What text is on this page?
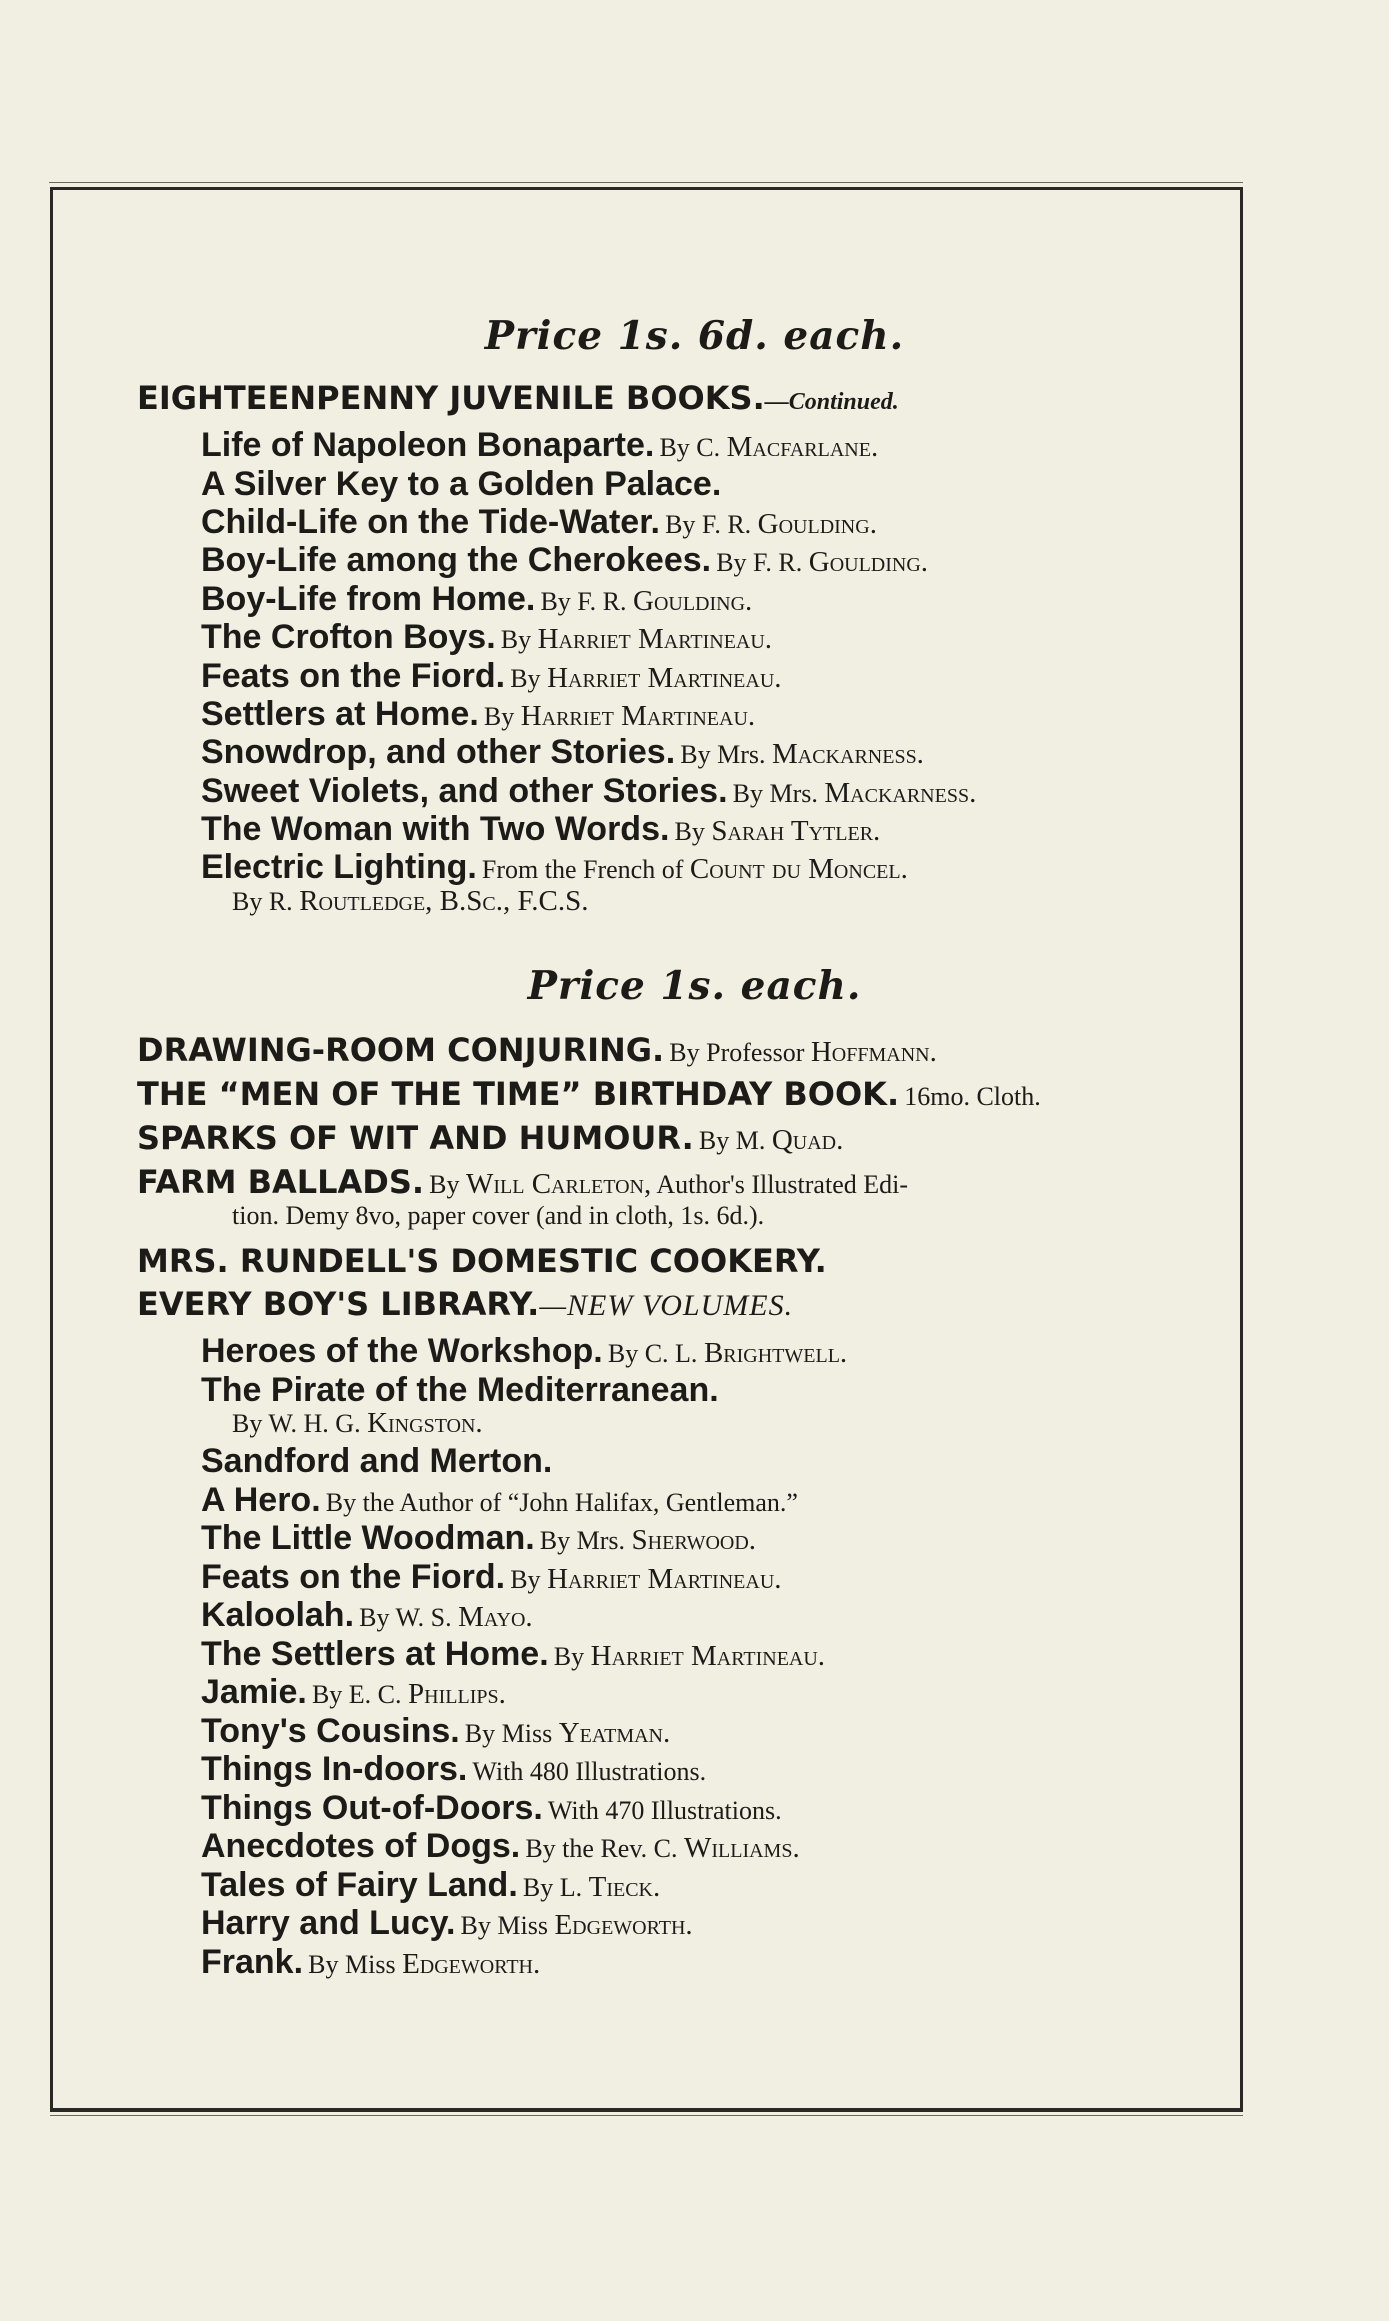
Price 1s. 6d. each.
EIGHTEENPENNY JUVENILE BOOKS.—Continued.
Life of Napoleon Bonaparte. By C. Macfarlane.
A Silver Key to a Golden Palace.
Child-Life on the Tide-Water. By F. R. Goulding.
Boy-Life among the Cherokees. By F. R. Goulding.
Boy-Life from Home. By F. R. Goulding.
The Crofton Boys. By Harriet Martineau.
Feats on the Fiord. By Harriet Martineau.
Settlers at Home. By Harriet Martineau.
Snowdrop, and other Stories. By Mrs. Mackarness.
Sweet Violets, and other Stories. By Mrs. Mackarness.
The Woman with Two Words. By Sarah Tytler.
Electric Lighting. From the French of Count du Moncel.
By R. Routledge, B.Sc., F.C.S.
Price 1s. each.
DRAWING-ROOM CONJURING. By Professor Hoffmann.
THE “MEN OF THE TIME” BIRTHDAY BOOK. 16mo. Cloth.
SPARKS OF WIT AND HUMOUR. By M. Quad.
FARM BALLADS. By Will Carleton, Author's Illustrated Edi-
tion. Demy 8vo, paper cover (and in cloth, 1s. 6d.).
MRS. RUNDELL'S DOMESTIC COOKERY.
EVERY BOY'S LIBRARY.—NEW VOLUMES.
Heroes of the Workshop. By C. L. Brightwell.
The Pirate of the Mediterranean.
By W. H. G. Kingston.
Sandford and Merton.
A Hero. By the Author of “John Halifax, Gentleman.”
The Little Woodman. By Mrs. Sherwood.
Feats on the Fiord. By Harriet Martineau.
Kaloolah. By W. S. Mayo.
The Settlers at Home. By Harriet Martineau.
Jamie. By E. C. Phillips.
Tony's Cousins. By Miss Yeatman.
Things In-doors. With 480 Illustrations.
Things Out-of-Doors. With 470 Illustrations.
Anecdotes of Dogs. By the Rev. C. Williams.
Tales of Fairy Land. By L. Tieck.
Harry and Lucy. By Miss Edgeworth.
Frank. By Miss Edgeworth.
